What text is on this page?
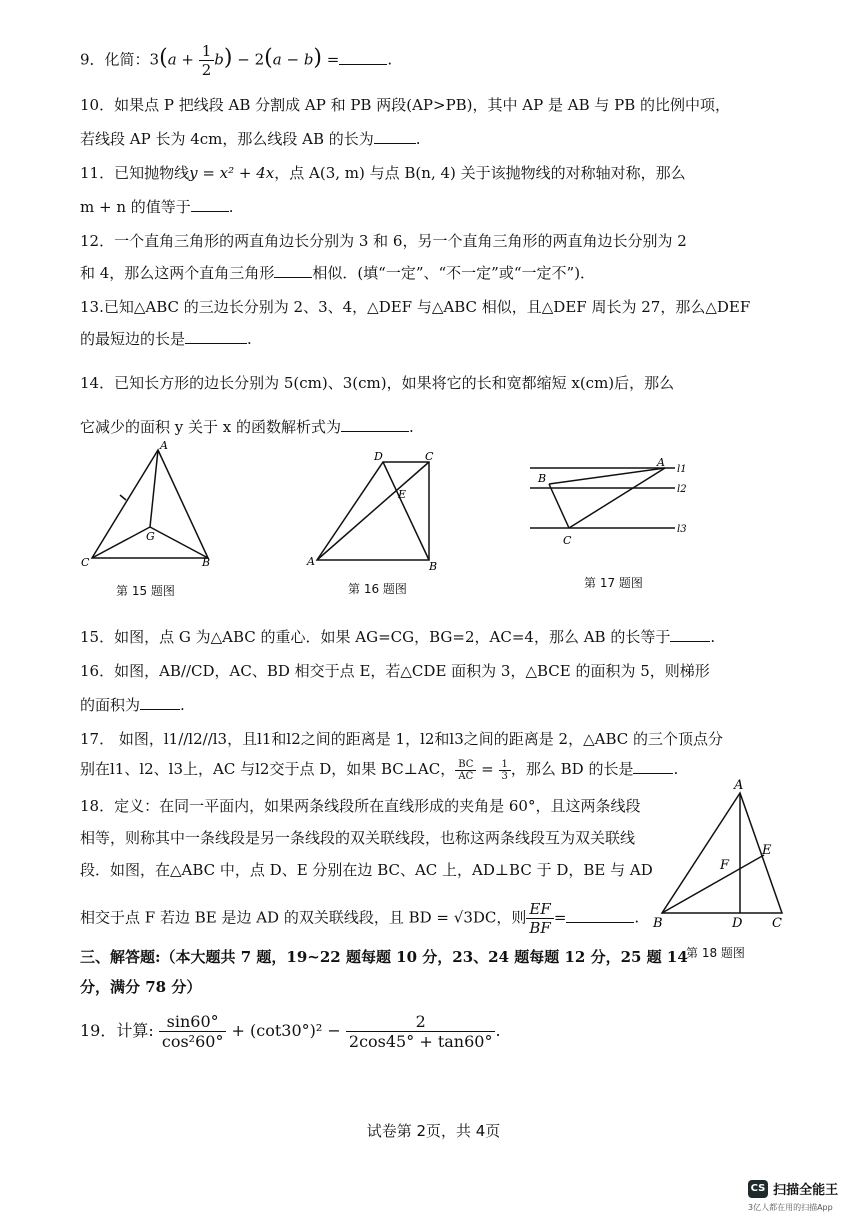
9．化简：$3(a + \frac{1}{2} b) - 2(a - b)$ =	.
10．如果点 P 把线段 AB 分割成 AP 和 PB 两段(AP>PB)，其中 AP 是 AB 与 PB 的比例中项，
若线段 AP 长为 4cm，那么线段 AB 的长为	.
11．已知抛物线y = x² + 4x，点 A(3, m) 与点 B(n, 4) 关于该抛物线的对称轴对称，那么
m + n 的值等于	.
12．一个直角三角形的两直角边长分别为 3 和 6，另一个直角三角形的两直角边长分别为 2
和 4，那么这两个直角三角形	相似．(填“一定”、“不一定”或“一定不”)．
13.已知△ABC 的三边长分别为 2、3、4，△DEF 与△ABC 相似，且△DEF 周长为 27，那么△DEF
的最短边的长是	.
14．已知长方形的边长分别为 5(cm)、3(cm)，如果将它的长和宽都缩短 x(cm)后，那么
它减少的面积 y 关于 x 的函数解析式为	.
A
C	B
G
第 15 题图
D	C
E
A	B
第 16 题图
A
B
C
l1
l2
l3
第 17 题图
15．如图，点 G 为△ABC 的重心．如果 AG=CG，BG=2，AC=4，那么 AB 的长等于	.
16．如图，AB//CD，AC、BD 相交于点 E，若△CDE 面积为 3，△BCE 的面积为 5，则梯形
的面积为	.
17． 如图，l1//l2//l3，且l1和l2之间的距离是 1，l2和l3之间的距离是 2，△ABC 的三个顶点分
别在l1、l2、l3上，AC 与l2交于点 D，如果 BC⊥AC， $\frac{BC}{AC} = \frac{1}{3}$ ，那么 BD 的长是	.
18．定义：在同一平面内，如果两条线段所在直线形成的夹角是 60°，且这两条线段
相等，则称其中一条线段是另一条线段的双关联线段，也称这两条线段互为双关联线
段．如图，在△ABC 中，点 D、E 分别在边 BC、AC 上，AD⊥BC 于 D，BE 与 AD
相交于点 F 若边 BE 是边 AD 的双关联线段，且 BD = √3DC，则 $\frac{EF}{BF}$ =	.
A
E
F
B	D C
第 18 题图
三、解答题:（本大题共 7 题，19~22 题每题 10 分，23、24 题每题 12 分，25 题 14
分，满分 78 分）
19．计算: $\frac{\sin 60^\circ}{\text{cos²60°}} + (\cot 30^\circ)^2 - \frac{2}{2\cos 45^\circ + \tan 60^\circ}$ .
试卷第 2页，共 4页
CS 扫描全能王
3亿人都在用的扫描App
